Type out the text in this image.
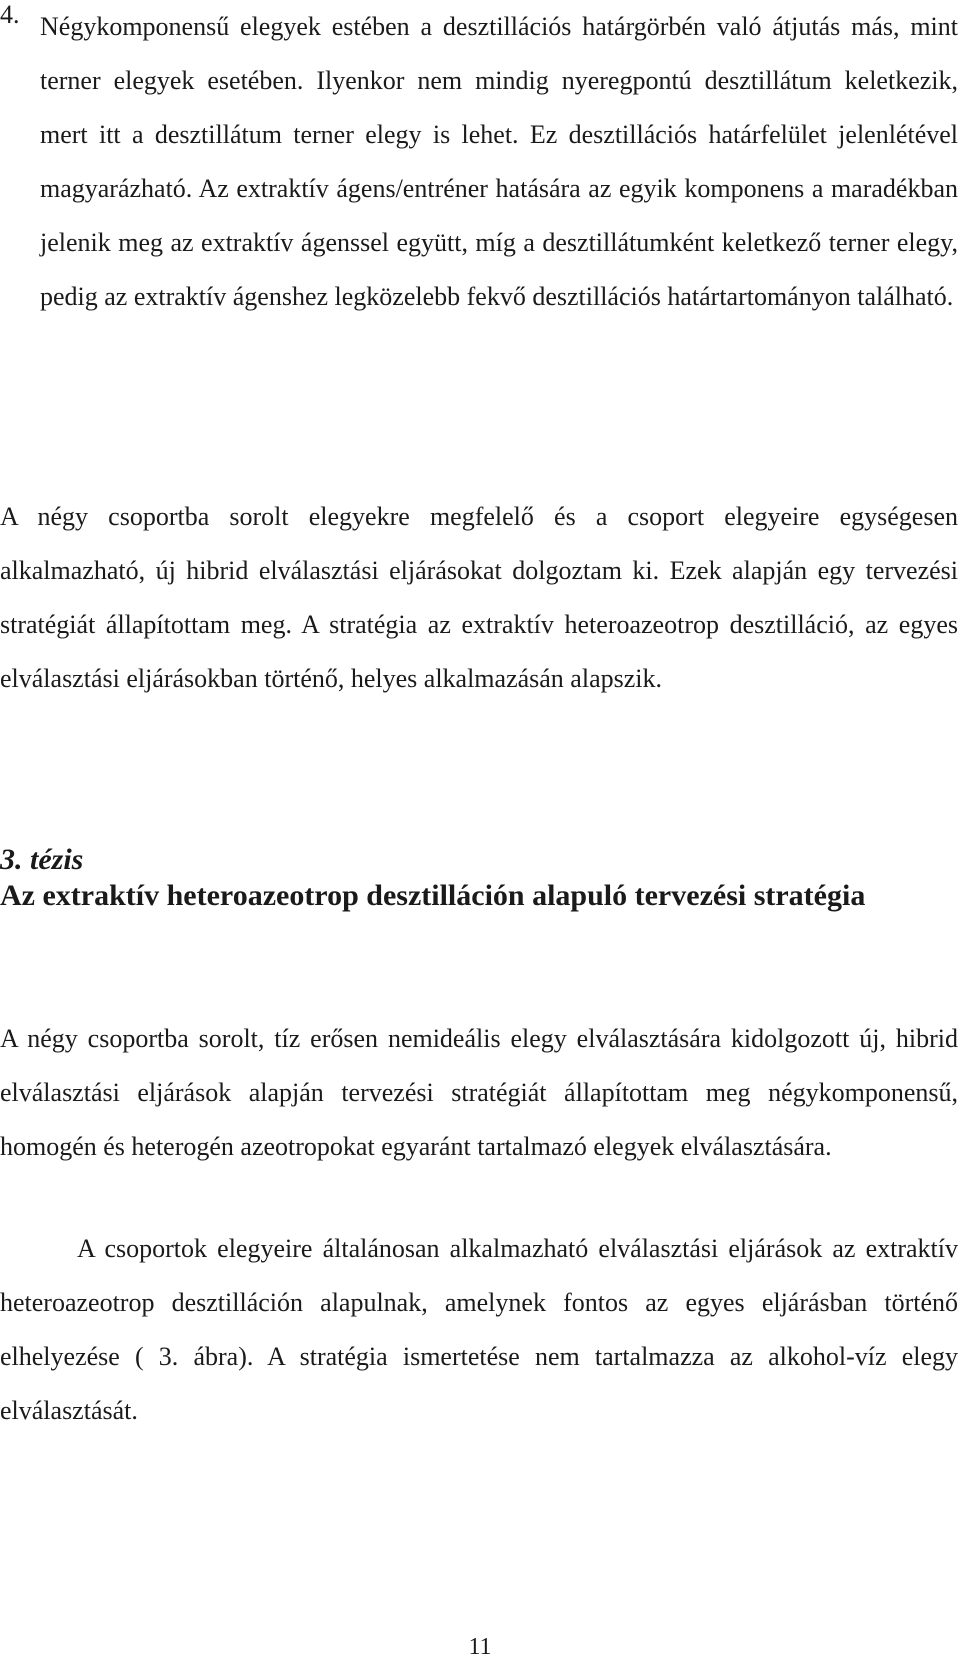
4. Négykomponensű elegyek estében a desztillációs határgörbén való átjutás más, mint terner elegyek esetében. Ilyenkor nem mindig nyeregpontú desztillátum keletkezik, mert itt a desztillátum terner elegy is lehet. Ez desztillációs határfelület jelenlétével magyarázható. Az extraktív ágens/entréner hatására az egyik komponens a maradékban jelenik meg az extraktív ágenssel együtt, míg a desztillátumként keletkező terner elegy, pedig az extraktív ágenshez legközelebb fekvő desztillációs határtartományon található.

A négy csoportba sorolt elegyekre megfelelő és a csoport elegyeire egységesen alkalmazható, új hibrid elválasztási eljárásokat dolgoztam ki. Ezek alapján egy tervezési stratégiát állapítottam meg. A stratégia az extraktív heteroazeotrop desztilláció, az egyes elválasztási eljárásokban történő, helyes alkalmazásán alapszik.

3. tézis
Az extraktív heteroazeotrop desztilláción alapuló tervezési stratégia

A négy csoportba sorolt, tíz erősen nemideális elegy elválasztására kidolgozott új, hibrid elválasztási eljárások alapján tervezési stratégiát állapítottam meg négykomponensű, homogén és heterogén azeotropokat egyaránt tartalmazó elegyek elválasztására.

A csoportok elegyeire általánosan alkalmazható elválasztási eljárások az extraktív heteroazeotrop desztilláción alapulnak, amelynek fontos az egyes eljárásban történő elhelyezése ( 3. ábra). A stratégia ismertetése nem tartalmazza az alkohol-víz elegy elválasztását.

11
